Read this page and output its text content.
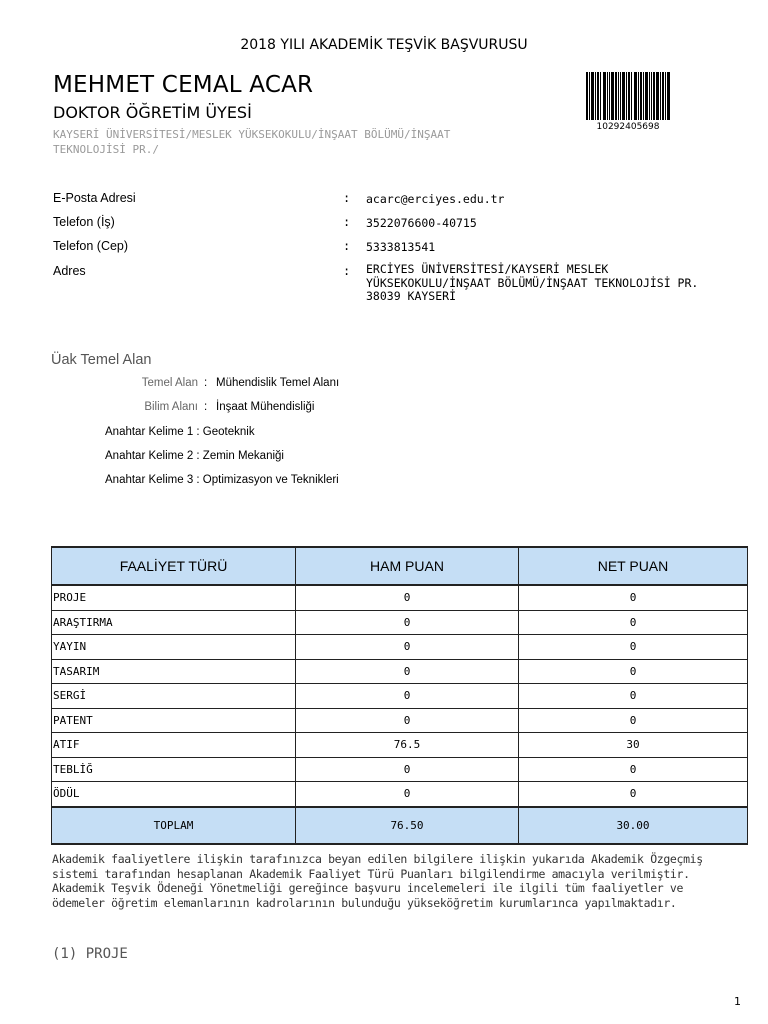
2018 YILI AKADEMİK TEŞVİK BAŞVURUSU
MEHMET CEMAL ACAR
DOKTOR ÖĞRETİM ÜYESİ
KAYSERİ ÜNİVERSİTESİ/MESLEK YÜKSEKOKULU/İNŞAAT BÖLÜMÜ/İNŞAAT
TEKNOLOJİSİ PR./
10292405698
E-Posta Adresi	: acarc@erciyes.edu.tr
Telefon (İş)	: 3522076600-40715
Telefon (Cep)	: 5333813541
Adres	: ERCİYES ÜNİVERSİTESİ/KAYSERİ MESLEK
YÜKSEKOKULU/İNŞAAT BÖLÜMÜ/İNŞAAT TEKNOLOJİSİ PR.
38039 KAYSERİ
Üak Temel Alan
Temel Alan : Mühendislik Temel Alanı
Bilim Alanı : İnşaat Mühendisliği
Anahtar Kelime 1 : Geoteknik
Anahtar Kelime 2 : Zemin Mekaniği
Anahtar Kelime 3 : Optimizasyon ve Teknikleri
FAALİYET TÜRÜ	HAM PUAN	NET PUAN
PROJE	0	0
ARAŞTIRMA	0	0
YAYIN	0	0
TASARIM	0	0
SERGİ	0	0
PATENT	0	0
ATIF	76.5	30
TEBLİĞ	0	0
ÖDÜL	0	0
TOPLAM	76.50	30.00
Akademik faaliyetlere ilişkin tarafınızca beyan edilen bilgilere ilişkin yukarıda Akademik Özgeçmiş
sistemi tarafından hesaplanan Akademik Faaliyet Türü Puanları bilgilendirme amacıyla verilmiştir.
Akademik Teşvik Ödeneği Yönetmeliği gereğince başvuru incelemeleri ile ilgili tüm faaliyetler ve
ödemeler öğretim elemanlarının kadrolarının bulunduğu yükseköğretim kurumlarınca yapılmaktadır.
(1) PROJE
1
